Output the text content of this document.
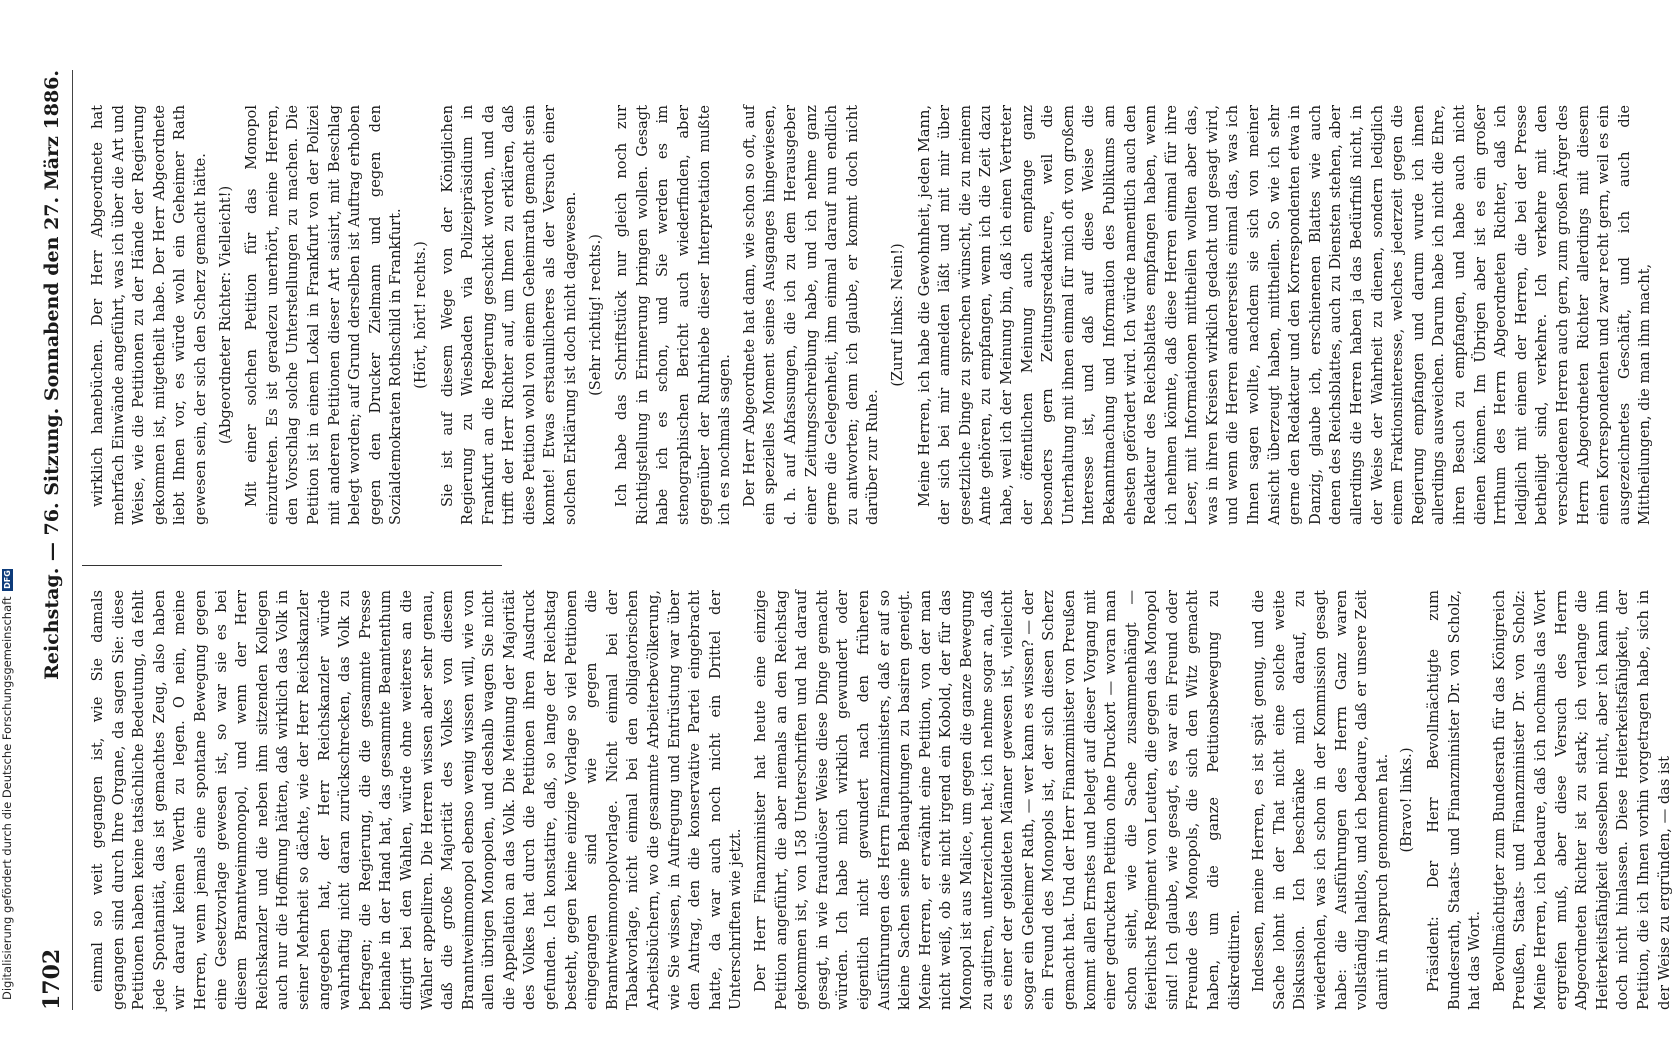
1702
Reichstag. — 76. Sitzung. Sonnabend den 27. März 1886.

einmal so weit gegangen ist, wie Sie damals gegangen sind durch Ihre Organe, da sagen Sie: diese Petitionen haben keine tatsächliche Bedeutung, da fehlt jede Spontanität, das ist gemachtes Zeug, also haben wir darauf keinen Werth zu legen. O nein, meine Herren, wenn jemals eine spontane Bewegung gegen eine Gesetzvorlage gewesen ist, so war sie es bei diesem Branntweinmonopol, und wenn der Herr Reichskanzler und die neben ihm sitzenden Kollegen auch nur die Hoffnung hätten, daß wirklich das Volk in seiner Mehrheit so dächte, wie der Herr Reichskanzler angegeben hat, der Herr Reichskanzler würde wahrhaftig nicht daran zurückschrecken, das Volk zu befragen; die Regierung, die die gesammte Presse beinahe in der Hand hat, das gesammte Beamtenthum dirigirt bei den Wahlen, würde ohne weiteres an die Wähler appelliren. Die Herren wissen aber sehr genau, daß die große Majorität des Volkes von diesem Branntweinmonopol ebenso wenig wissen will, wie von allen übrigen Monopolen, und deshalb wagen Sie nicht die Appellation an das Volk. Die Meinung der Majorität des Volkes hat durch die Petitionen ihren Ausdruck gefunden. Ich konstatire, daß, so lange der Reichstag besteht, gegen keine einzige Vorlage so viel Petitionen eingegangen sind wie gegen die Branntweinmonopolvorlage. Nicht einmal bei der Tabakvorlage, nicht einmal bei den obligatorischen Arbeitsbüchern, wo die gesammte Arbeiterbevölkerung, wie Sie wissen, in Aufregung und Entrüstung war über den Antrag, den die konservative Partei eingebracht hatte, da war auch noch nicht ein Drittel der Unterschriften wie jetzt. Der Herr Finanzminister hat heute eine einzige Petition angeführt, die aber niemals an den Reichstag gekommen ist, von 158 Unterschriften und hat darauf gesagt, in wie fraudulöser Weise diese Dinge gemacht würden. Ich habe mich wirklich gewundert oder eigentlich nicht gewundert nach den früheren Ausführungen des Herrn Finanzministers, daß er auf so kleine Sachen seine Behauptungen zu basiren geneigt. Meine Herren, er erwähnt eine Petition, von der man nicht weiß, ob sie nicht irgend ein Kobold, der für das Monopol ist aus Malice, um gegen die ganze Bewegung zu agitiren, unterzeichnet hat; ich nehme sogar an, daß es einer der gebildeten Männer gewesen ist, vielleicht sogar ein Geheimer Rath, — wer kann es wissen? — der ein Freund des Monopols ist, der sich diesen Scherz gemacht hat. Und der Herr Finanzminister von Preußen kommt allen Ernstes und belegt auf dieser Vorgang mit einer gedruckten Petition ohne Druckort — woran man schon sieht, wie die Sache zusammenhängt — feierlichst Regiment von Leuten, die gegen das Monopol sind! Ich glaube, wie gesagt, es war ein Freund oder Freunde des Monopols, die sich den Witz gemacht haben, um die ganze Petitionsbewegung zu diskreditiren. Indessen, meine Herren, es ist spät genug, und die Sache lohnt in der That nicht eine solche weite Diskussion. Ich beschränke mich darauf, zu wiederholen, was ich schon in der Kommission gesagt habe: die Ausführungen des Herrn Ganz waren vollständig haltlos, und ich bedaure, daß er unsere Zeit damit in Anspruch genommen hat. (Bravo! links.) Präsident: Der Herr Bevollmächtigte zum Bundesrath, Staats- und Finanzminister Dr. von Scholz, hat das Wort. Bevollmächtigter zum Bundesrath für das Königreich Preußen, Staats- und Finanzminister Dr. von Scholz: Meine Herren, ich bedaure, daß ich nochmals das Wort ergreifen muß, aber diese Versuch des Herrn Abgeordneten Richter ist zu stark; ich verlange die Heiterkeitsfähigkeit desselben nicht, aber ich kann ihn doch nicht hinlassen. Diese Heiterkeitsfähigkeit, der Petition, die ich Ihnen vorhin vorgetragen habe, sich in der Weise zu ergründen, — das ist

wirklich hanebüchen. Der Herr Abgeordnete hat mehrfach Einwände angeführt, was ich über die Art und Weise, wie die Petitionen zu der Hände der Regierung gekommen ist, mitgetheilt habe. Der Herr Abgeordnete liebt Ihnen vor, es würde wohl ein Geheimer Rath gewesen sein, der sich den Scherz gemacht hätte. (Abgeordneter Richter: Vielleicht!) Mit einer solchen Petition für das Monopol einzutreten. Es ist geradezu unerhört, meine Herren, den Vorschlag solche Unterstellungen zu machen. Die Petition ist in einem Lokal in Frankfurt von der Polizei mit anderen Petitionen dieser Art saisirt, mit Beschlag belegt worden; auf Grund derselben ist Auftrag erhoben gegen den Drucker Zielmann und gegen den Sozialdemokraten Rothschild in Frankfurt. (Hört, hört! rechts.) Sie ist auf diesem Wege von der Königlichen Regierung zu Wiesbaden via Polizeipräsidium in Frankfurt an die Regierung geschickt worden, und da trifft der Herr Richter auf, um Ihnen zu erklären, daß diese Petition wohl von einem Geheimrath gemacht sein konnte! Etwas erstaunlicheres als der Versuch einer solchen Erklärung ist doch nicht dagewesen. (Sehr richtig! rechts.) Ich habe das Schriftstück nur gleich noch zur Richtigstellung in Erinnerung bringen wollen. Gesagt habe ich es schon, und Sie werden es im stenographischen Bericht auch wiederfinden, aber gegenüber der Ruhrhiebe dieser Interpretation mußte ich es nochmals sagen. Der Herr Abgeordnete hat dann, wie schon so oft, auf ein spezielles Moment seines Ausganges hingewiesen, d. h. auf Abfassungen, die ich zu dem Herausgeber einer Zeitungsschreibung habe, und ich nehme ganz gerne die Gelegenheit, ihm einmal darauf nun endlich zu antworten; denn ich glaube, er kommt doch nicht darüber zur Ruhe.

(Zuruf links: Nein!) Meine Herren, ich habe die Gewohnheit, jeden Mann, der sich bei mir anmelden läßt und mit mir über gesetzliche Dinge zu sprechen wünscht, die zu meinem Amte gehören, zu empfangen, wenn ich die Zeit dazu habe, weil ich der Meinung bin, daß ich einen Vertreter der öffentlichen Meinung auch empfange ganz besonders gern Zeitungsredakteure, weil die Unterhaltung mit ihnen einmal für mich oft von großem Interesse ist, und daß auf diese Weise die Bekanntmachung und Information des Publikums am ehesten gefördert wird. Ich würde namentlich auch den Redakteur des Reichsblattes empfangen haben, wenn ich nehmen könnte, daß diese Herren einmal für ihre Leser, mit Informationen mittheilen wollten aber das, was in ihren Kreisen wirklich gedacht und gesagt wird, und wenn die Herren andererseits einmal das, was ich Ihnen sagen wollte, nachdem sie sich von meiner Ansicht überzeugt haben, mittheilen. So wie ich sehr gerne den Redakteur und den Korrespondenten etwa in Danzig, glaube ich, erschienenen Blattes wie auch denen des Reichsblattes, auch zu Diensten stehen, aber allerdings die Herren haben ja das Bedürfniß nicht, in der Weise der Wahrheit zu dienen, sondern lediglich einem Fraktionsinteresse, welches jederzeit gegen die Regierung empfangen und darum wurde ich ihnen allerdings ausweichen. Darum habe ich nicht die Ehre, ihren Besuch zu empfangen, und habe auch nicht dienen können. Im Übrigen aber ist es ein großer Irrthum des Herrn Abgeordneten Richter, daß ich lediglich mit einem der Herren, die bei der Presse betheiligt sind, verkehre. Ich verkehre mit den verschiedenen Herren auch gern, zum großen Ärger des Herrn Abgeordneten Richter allerdings mit diesem einen Korrespondenten und zwar recht gern, weil es ein ausgezeichnetes Geschäft, und ich auch die Mittheilungen, die man ihm macht,

Digitalisierung gefördert durch die Deutsche Forschungsgemeinschaft
DFG
